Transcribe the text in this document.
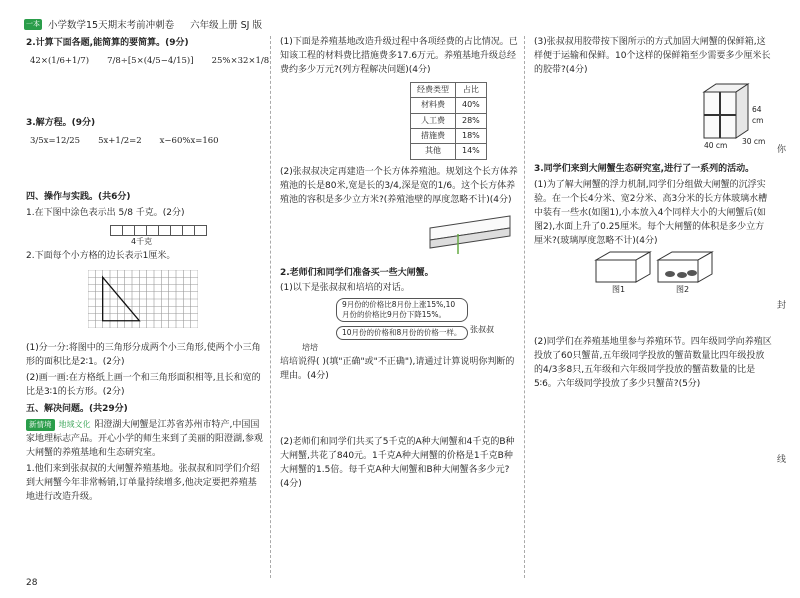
一本 小学数学15天期末考前冲刺卷 六年级上册 SJ 版

2.计算下面各题,能简算的要简算。(9分)

42×(1/6+1/7) 7/8÷[5×(4/5−4/15)] 25%×32×1/8

3.解方程。(9分)

3/5x=12/25 5x+1/2=2 x−60%x=160

四、操作与实践。(共6分)

1.在下图中涂色表示出 5/8 千克。(2分)

4千克

2.下面每个小方格的边长表示1厘米。

(1)分一分:将图中的三角形分成两个小三角形,使两个小三角形的面积比是2∶1。(2分)

(2)画一画:在方格纸上画一个和三角形面积相等,且长和宽的比是3∶1的长方形。(2分)

五、解决问题。(共29分)

新情境 地域文化 阳澄湖大闸蟹是江苏省苏州市特产,中国国家地理标志产品。开心小学的师生来到了美丽的阳澄湖,参观大闸蟹的养殖基地和生态研究室。

1.他们来到张叔叔的大闸蟹养殖基地。张叔叔和同学们介绍到大闸蟹今年非常畅销,订单量持续增多,他决定要把养殖基地进行改造升级。

(1)下面是养殖基地改造升级过程中各项经费的占比情况。已知该工程的材料费比措施费多17.6万元。养殖基地升级总经费约多少万元?(列方程解决问题)(4分)

经费类型	占比
材料费	40%
人工费	28%
措施费	18%
其他	14%

(2)张叔叔决定再建造一个长方体养殖池。规划这个长方体养殖池的长是80米,宽是长的3/4,深是宽的1/6。这个长方体养殖池的容积是多少立方米?(养殖池壁的厚度忽略不计)(4分)

2.老师们和同学们准备买一些大闸蟹。

(1)以下是张叔叔和培培的对话。

9月份的价格比8月份上涨15%,10月份的价格比9月份下降15%。
10月份的价格和8月份的价格一样。	张叔叔
培培

培培说得( )(填"正确"或"不正确"),请通过计算说明你判断的理由。(4分)

(2)老师们和同学们共买了5千克的A种大闸蟹和4千克的B种大闸蟹,共花了840元。1千克A种大闸蟹的价格是1千克B种大闸蟹的1.5倍。每千克A种大闸蟹和B种大闸蟹各多少元?(4分)

(3)张叔叔用胶带按下图所示的方式加固大闸蟹的保鲜箱,这样便于运输和保鲜。10个这样的保鲜箱至少需要多少厘米长的胶带?(4分)

64 cm
40 cm 30 cm

3.同学们来到大闸蟹生态研究室,进行了一系列的活动。

(1)为了解大闸蟹的浮力机制,同学们分组做大闸蟹的沉浮实验。在一个长4分米、宽2分米、高3分米的长方体玻璃水槽中装有一些水(如图1),小本放入4个同样大小的大闸蟹后(如图2),水面上升了0.25厘米。每个大闸蟹的体积是多少立方厘米?(玻璃厚度忽略不计)(4分)

图1	图2

(2)同学们在养殖基地里参与养殖环节。四年级同学向养殖区投放了60只蟹苗,五年级同学投放的蟹苗数量比四年级投放的4/3多8只,五年级和六年级同学投放的蟹苗数量的比是5∶6。六年级同学投放了多少只蟹苗?(5分)

你
封
线
28
